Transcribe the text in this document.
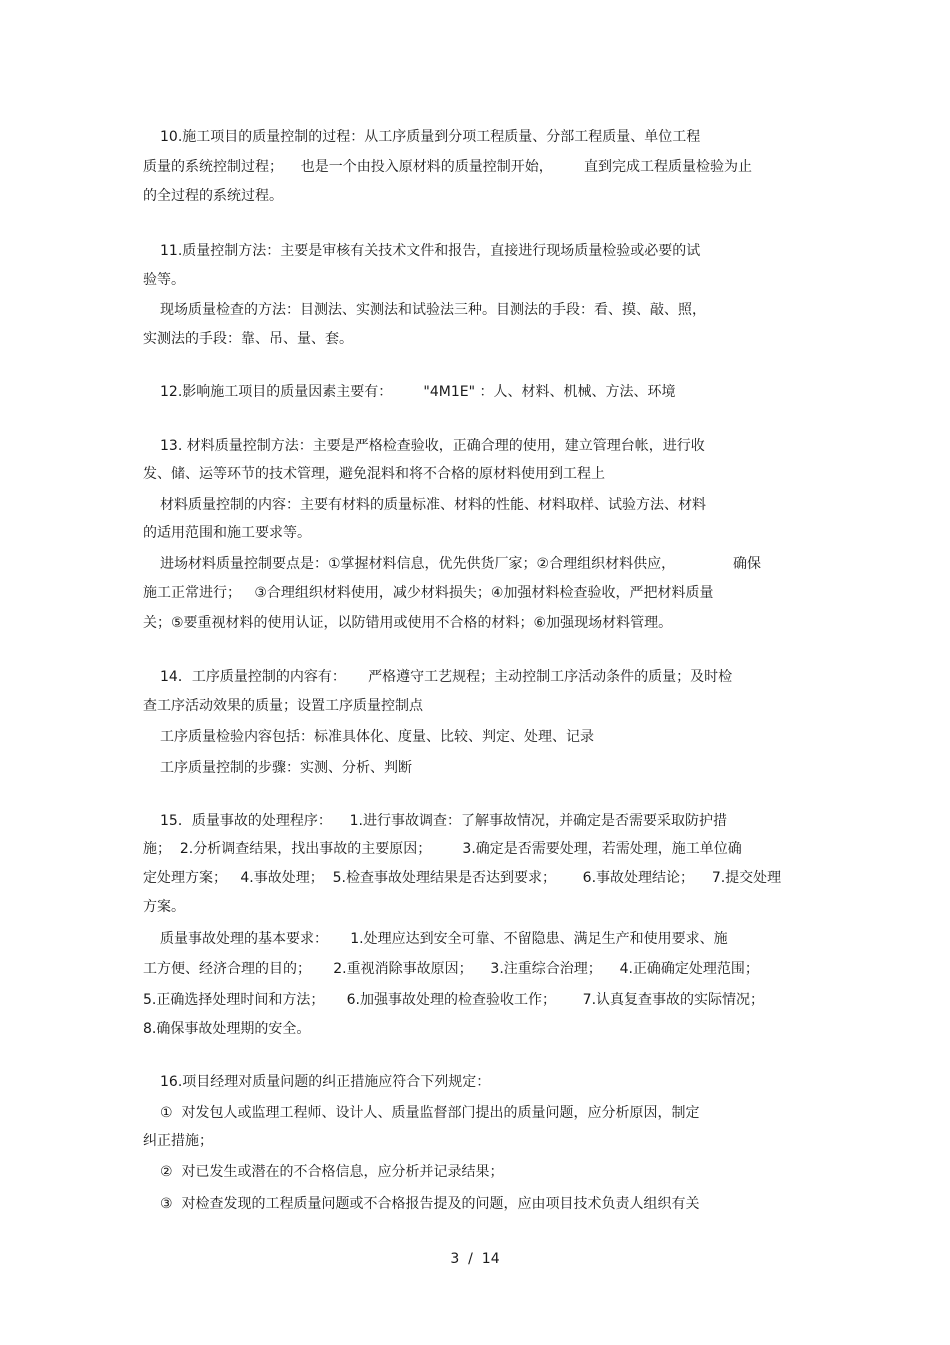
10.施工项目的质量控制的过程：从工序质量到分项工程质量、分部工程质量、单位工程

质量的系统控制过程；    也是一个由投入原材料的质量控制开始，       直到完成工程质量检验为止

的全过程的系统过程。

11.质量控制方法：主要是审核有关技术文件和报告，直接进行现场质量检验或必要的试

验等。

现场质量检查的方法：目测法、实测法和试验法三种。目测法的手段：看、摸、敲、照，

实测法的手段：靠、吊、量、套。

12.影响施工项目的质量因素主要有：       "4M1E" ：人、材料、机械、方法、环境

13. 材料质量控制方法：主要是严格检查验收，正确合理的使用，建立管理台帐，进行收

发、储、运等环节的技术管理，避免混料和将不合格的原材料使用到工程上

材料质量控制的内容：主要有材料的质量标准、材料的性能、材料取样、试验方法、材料

的适用范围和施工要求等。

进场材料质量控制要点是：①掌握材料信息，优先供货厂家；②合理组织材料供应，             确保

施工正常进行；   ③合理组织材料使用，减少材料损失；④加强材料检查验收，严把材料质量

关；⑤要重视材料的使用认证，以防错用或使用不合格的材料；⑥加强现场材料管理。

14．工序质量控制的内容有：     严格遵守工艺规程；主动控制工序活动条件的质量；及时检

查工序活动效果的质量；设置工序质量控制点

工序质量检验内容包括：标准具体化、度量、比较、判定、处理、记录

工序质量控制的步骤：实测、分析、判断

15．质量事故的处理程序：    1.进行事故调查：了解事故情况，并确定是否需要采取防护措

施；  2.分析调查结果，找出事故的主要原因；       3.确定是否需要处理，若需处理，施工单位确

定处理方案；   4.事故处理；  5.检查事故处理结果是否达到要求；      6.事故处理结论；    7.提交处理

方案。

质量事故处理的基本要求：     1.处理应达到安全可靠、不留隐患、满足生产和使用要求、施

工方便、经济合理的目的；     2.重视消除事故原因；    3.注重综合治理；    4.正确确定处理范围；

5.正确选择处理时间和方法；     6.加强事故处理的检查验收工作；      7.认真复查事故的实际情况；

8.确保事故处理期的安全。

16.项目经理对质量问题的纠正措施应符合下列规定：

①  对发包人或监理工程师、设计人、质量监督部门提出的质量问题，应分析原因，制定

纠正措施；

②  对已发生或潜在的不合格信息，应分析并记录结果；

③  对检查发现的工程质量问题或不合格报告提及的问题，应由项目技术负责人组织有关

3  /  14
